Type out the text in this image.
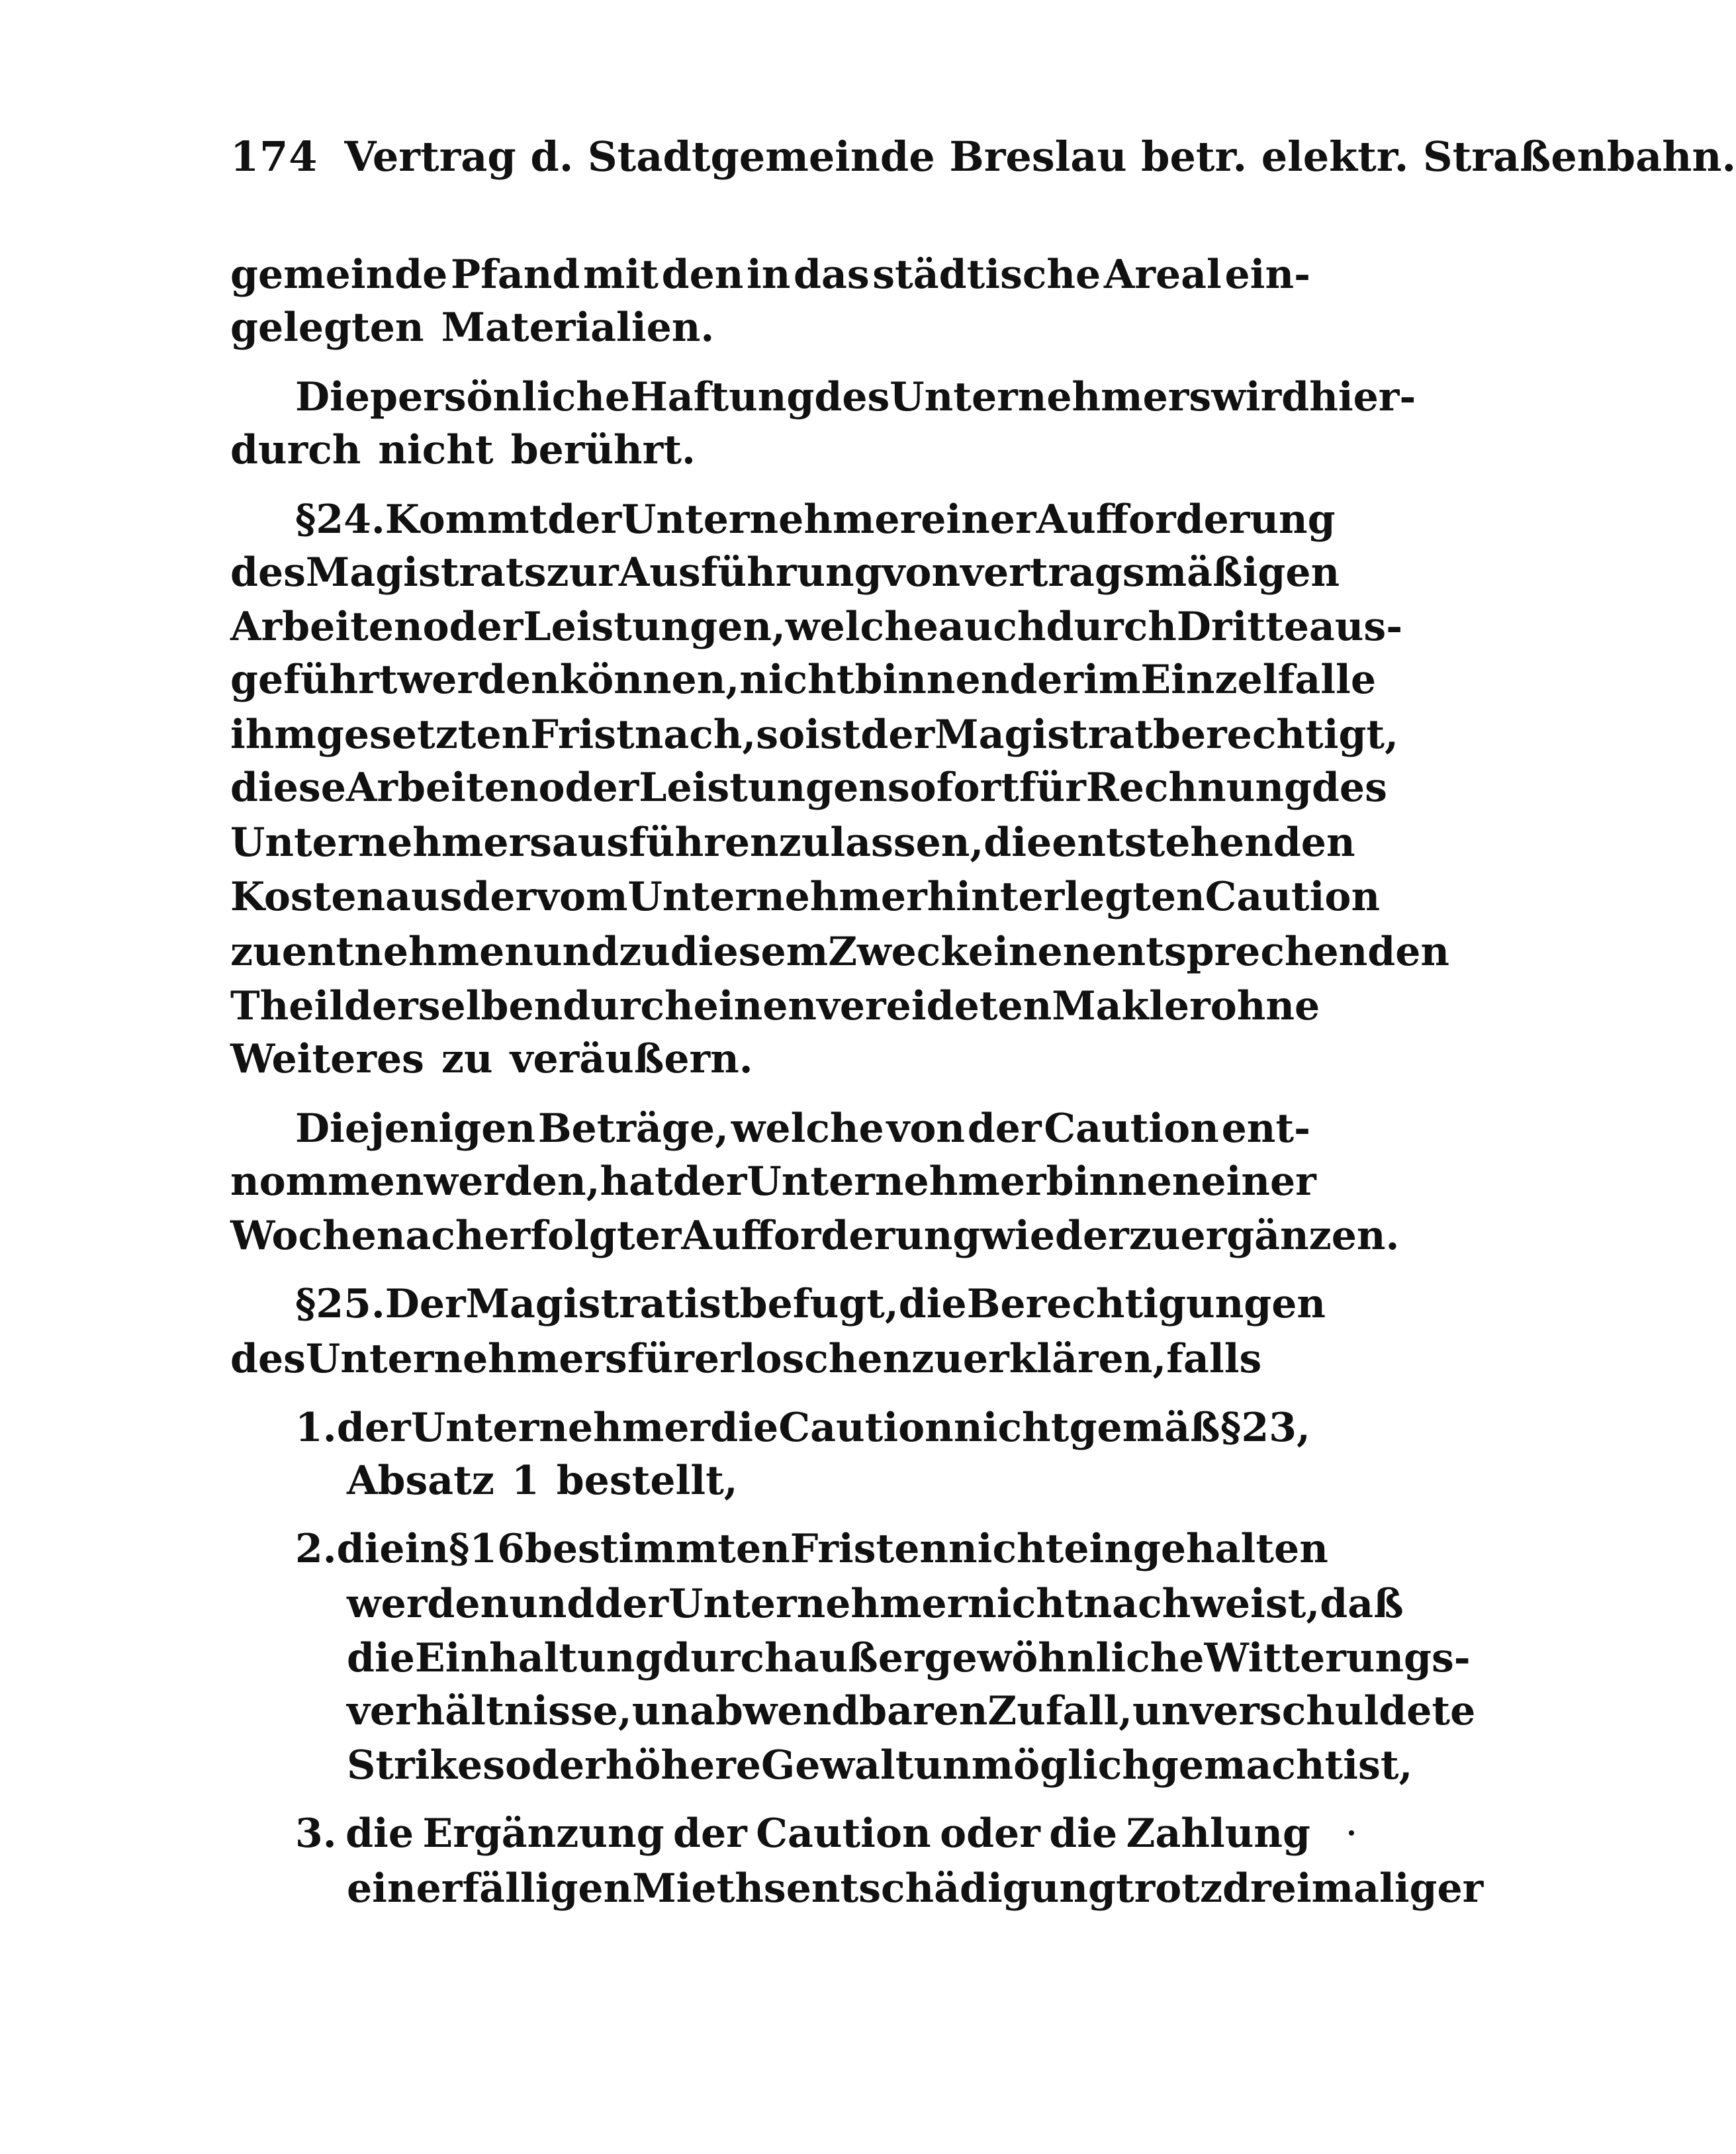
174 Vertrag d. Stadtgemeinde Breslau betr. elektr. Straßenbahn.
gemeinde Pfand mit den in das städtische Areal ein-
gelegten Materialien.
Die persönliche Haftung des Unternehmers wird hier-
durch nicht berührt.
§ 24. Kommt der Unternehmer einer Aufforderung
des Magistrats zur Ausführung von vertragsmäßigen
Arbeiten oder Leistungen, welche auch durch Dritte aus-
geführt werden können, nicht binnen der im Einzelfalle
ihm gesetzten Frist nach, so ist der Magistrat berechtigt,
diese Arbeiten oder Leistungen sofort für Rechnung des
Unternehmers ausführen zu lassen, die entstehenden
Kosten aus der vom Unternehmer hinterlegten Caution
zu entnehmen und zu diesem Zweck einen entsprechenden
Theil derselben durch einen vereideten Makler ohne
Weiteres zu veräußern.
Diejenigen Beträge, welche von der Caution ent-
nommen werden, hat der Unternehmer binnen einer
Woche nach erfolgter Aufforderung wieder zu ergänzen.
§ 25. Der Magistrat ist befugt, die Berechtigungen
des Unternehmers für erloschen zu erklären, falls
1. der Unternehmer die Caution nicht gemäß § 23,
Absatz 1 bestellt,
2. die in § 16 bestimmten Fristen nicht eingehalten
werden und der Unternehmer nicht nachweist, daß
die Einhaltung durch außergewöhnliche Witterungs-
verhältnisse, unabwendbaren Zufall, unverschuldete
Strikes oder höhere Gewalt unmöglich gemacht ist,
3. die Ergänzung der Caution oder die Zahlung
einer fälligen Miethsentschädigung trotz dreimaliger
